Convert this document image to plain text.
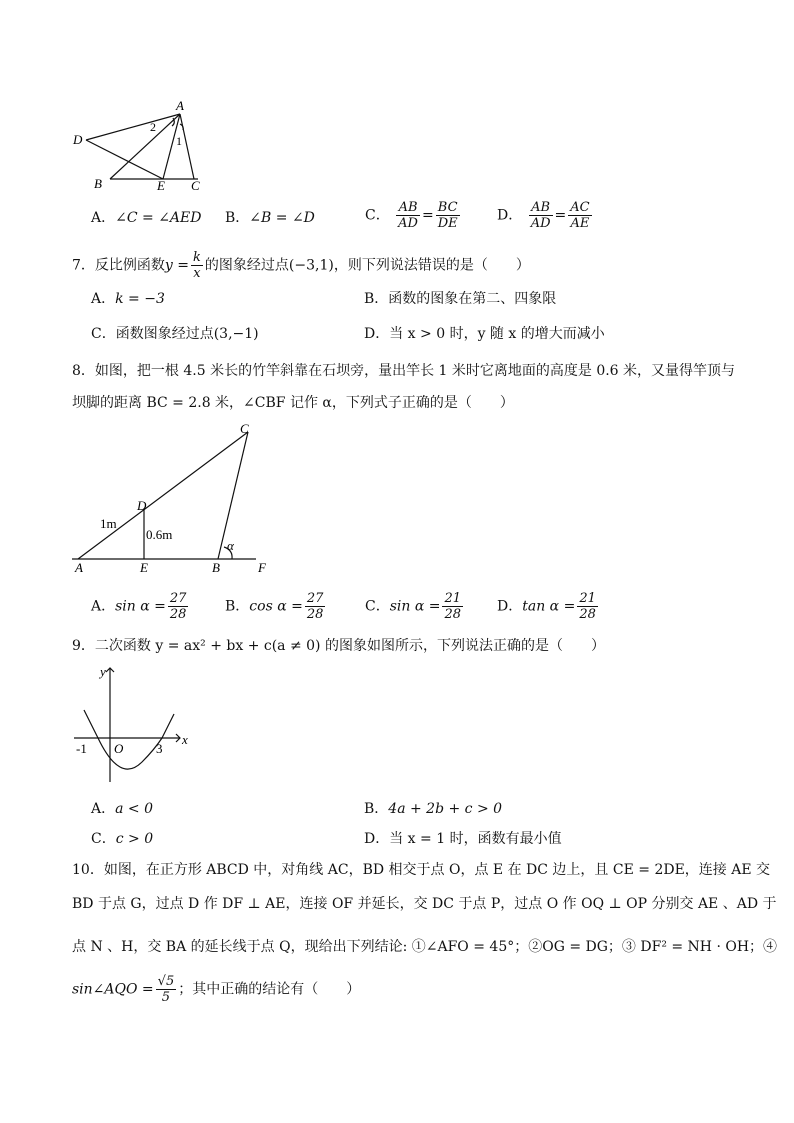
A
D
B	E C
2
1
A．∠C = ∠AED B．∠B = ∠D	C． $\frac{AB}{AD} = \frac{BC}{DE}$	D． $\frac{AB}{AD} = \frac{AC}{AE}$
7．反比例函数$y = \frac{k}{x}$ 的图象经过点(−3,1)，则下列说法错误的是（　　）
A．k = −3	B．函数的图象在第二、四象限
C．函数图象经过点(3,−1)	D．当 x > 0 时，y 随 x 的增大而减小
8．如图，把一根 4.5 米长的竹竿斜靠在石坝旁，量出竿长 1 米时它离地面的高度是 0.6 米，又量得竿顶与
坝脚的距离 BC = 2.8 米，∠CBF 记作 α，下列式子正确的是（　　）
A	E	B	F
C
D
1m
0.6m
α
A．$\sin \alpha = \frac{27}{28}$	B．$\cos \alpha = \frac{27}{28}$	C．$\sin \alpha = \frac{21}{28}$ D．$\tan \alpha = \frac{21}{28}$
9．二次函数 y = ax² + bx + c(a ≠ 0) 的图象如图所示，下列说法正确的是（　　）
y
x
O
-1	3
A．a < 0	B．4a + 2b + c > 0
C．c > 0	D．当 x = 1 时，函数有最小值
10．如图，在正方形 ABCD 中，对角线 AC，BD 相交于点 O，点 E 在 DC 边上，且 CE = 2DE，连接 AE 交
BD 于点 G，过点 D 作 DF ⊥ AE，连接 OF 并延长，交 DC 于点 P，过点 O 作 OQ ⊥ OP 分别交 AE 、AD 于
点 N 、H，交 BA 的延长线于点 Q，现给出下列结论: ①∠AFO = 45°；②OG = DG；③ DF² = NH · OH；④
sin∠AQO = $\frac{√5}{5}$ ；其中正确的结论有（　　）
